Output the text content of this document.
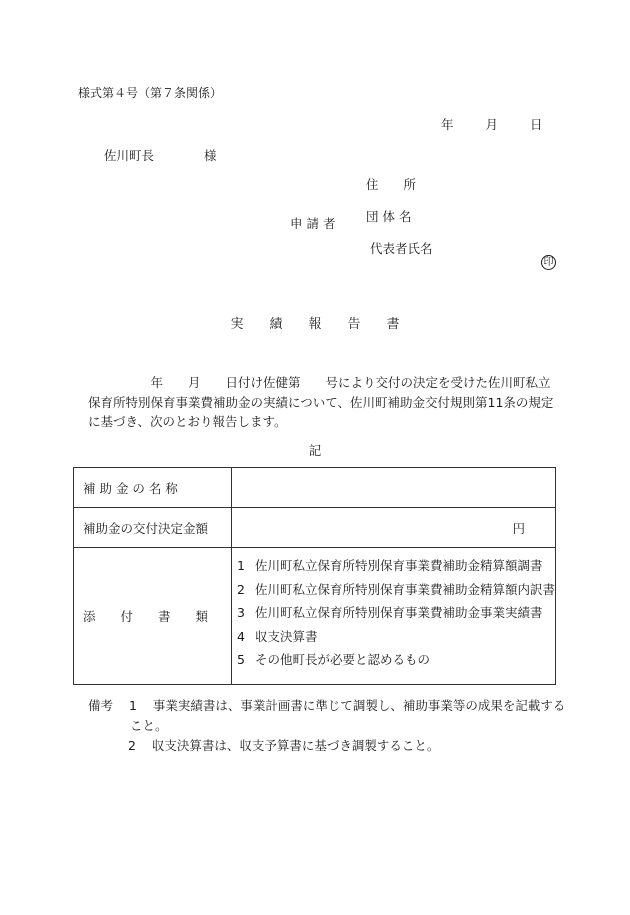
様式第４号（第７条関係）
年	月	日
佐川町長	様
住　　所
団 体 名
申 請 者
代表者氏名
印
実　　績　　報　　告　　書
　　　　　年　　月　　日付け佐健第　　号により交付の決定を受けた佐川町私立
保育所特別保育事業費補助金の実績について、佐川町補助金交付規則第11条の規定
に基づき、次のとおり報告します。
記
補 助 金 の 名 称	
補助金の交付決定金額	円
添　　付　　書　　類	1 佐川町私立保育所特別保育事業費補助金精算額調書
2 佐川町私立保育所特別保育事業費補助金精算額内訳書
3 佐川町私立保育所特別保育事業費補助金事業実績書
4 収支決算書
5 その他町長が必要と認めるもの
備考 1 事業実績書は、事業計画書に準じて調製し、補助事業等の成果を記載する
こと。
2 収支決算書は、収支予算書に基づき調製すること。
